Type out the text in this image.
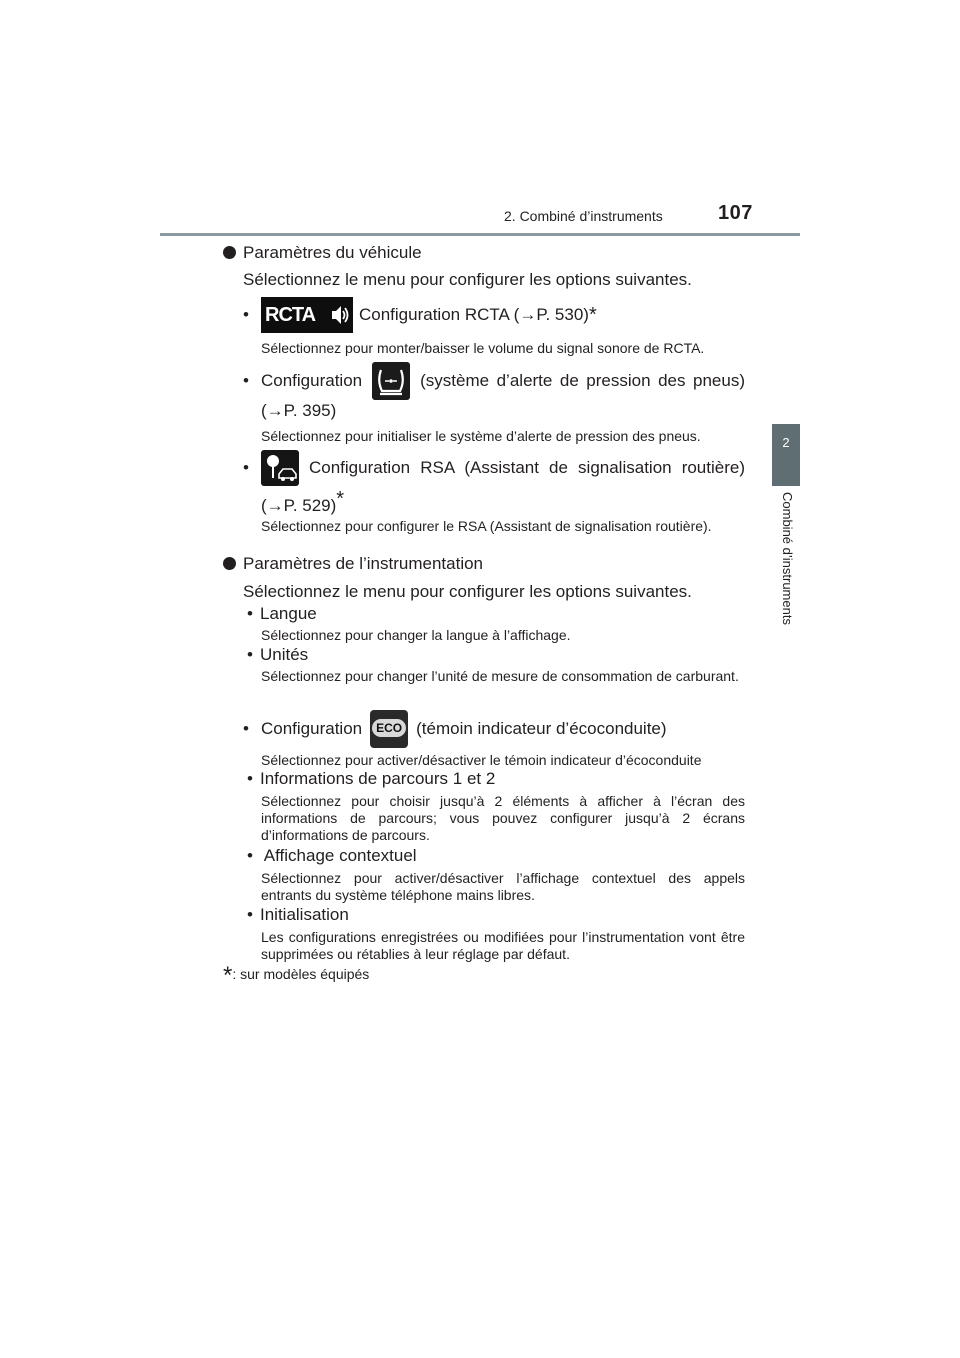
2. Combiné d’instruments	107
2
Combiné d’instruments
Paramètres du véhicule
Sélectionnez le menu pour configurer les options suivantes.
• RCTA	Configuration RCTA ( → P. 530) *
Sélectionnez pour monter/baisser le volume du signal sonore de RCTA.
• Configuration	(système d’alerte de pression des pneus)
(→P. 395)
Sélectionnez pour initialiser le système d’alerte de pression des pneus.
•	Configuration RSA (Assistant de signalisation routière)
(→P. 529)*
Sélectionnez pour configurer le RSA (Assistant de signalisation routière).
Paramètres de l’instrumentation
Sélectionnez le menu pour configurer les options suivantes.
• Langue
Sélectionnez pour changer la langue à l’affichage.
• Unités
Sélectionnez pour changer l’unité de mesure de consommation de carburant.
• Configuration	ECO (témoin indicateur d’écoconduite)
Sélectionnez pour activer/désactiver le témoin indicateur d’écoconduite
• Informations de parcours 1 et 2
Sélectionnez pour choisir jusqu’à 2 éléments à afficher à l’écran des informations de parcours; vous pouvez configurer jusqu’à 2 écrans d’informations de parcours.
• Affichage contextuel
Sélectionnez pour activer/désactiver l’affichage contextuel des appels entrants du système téléphone mains libres.
• Initialisation
Les configurations enregistrées ou modifiées pour l’instrumentation vont être supprimées ou rétablies à leur réglage par défaut.
*: sur modèles équipés
